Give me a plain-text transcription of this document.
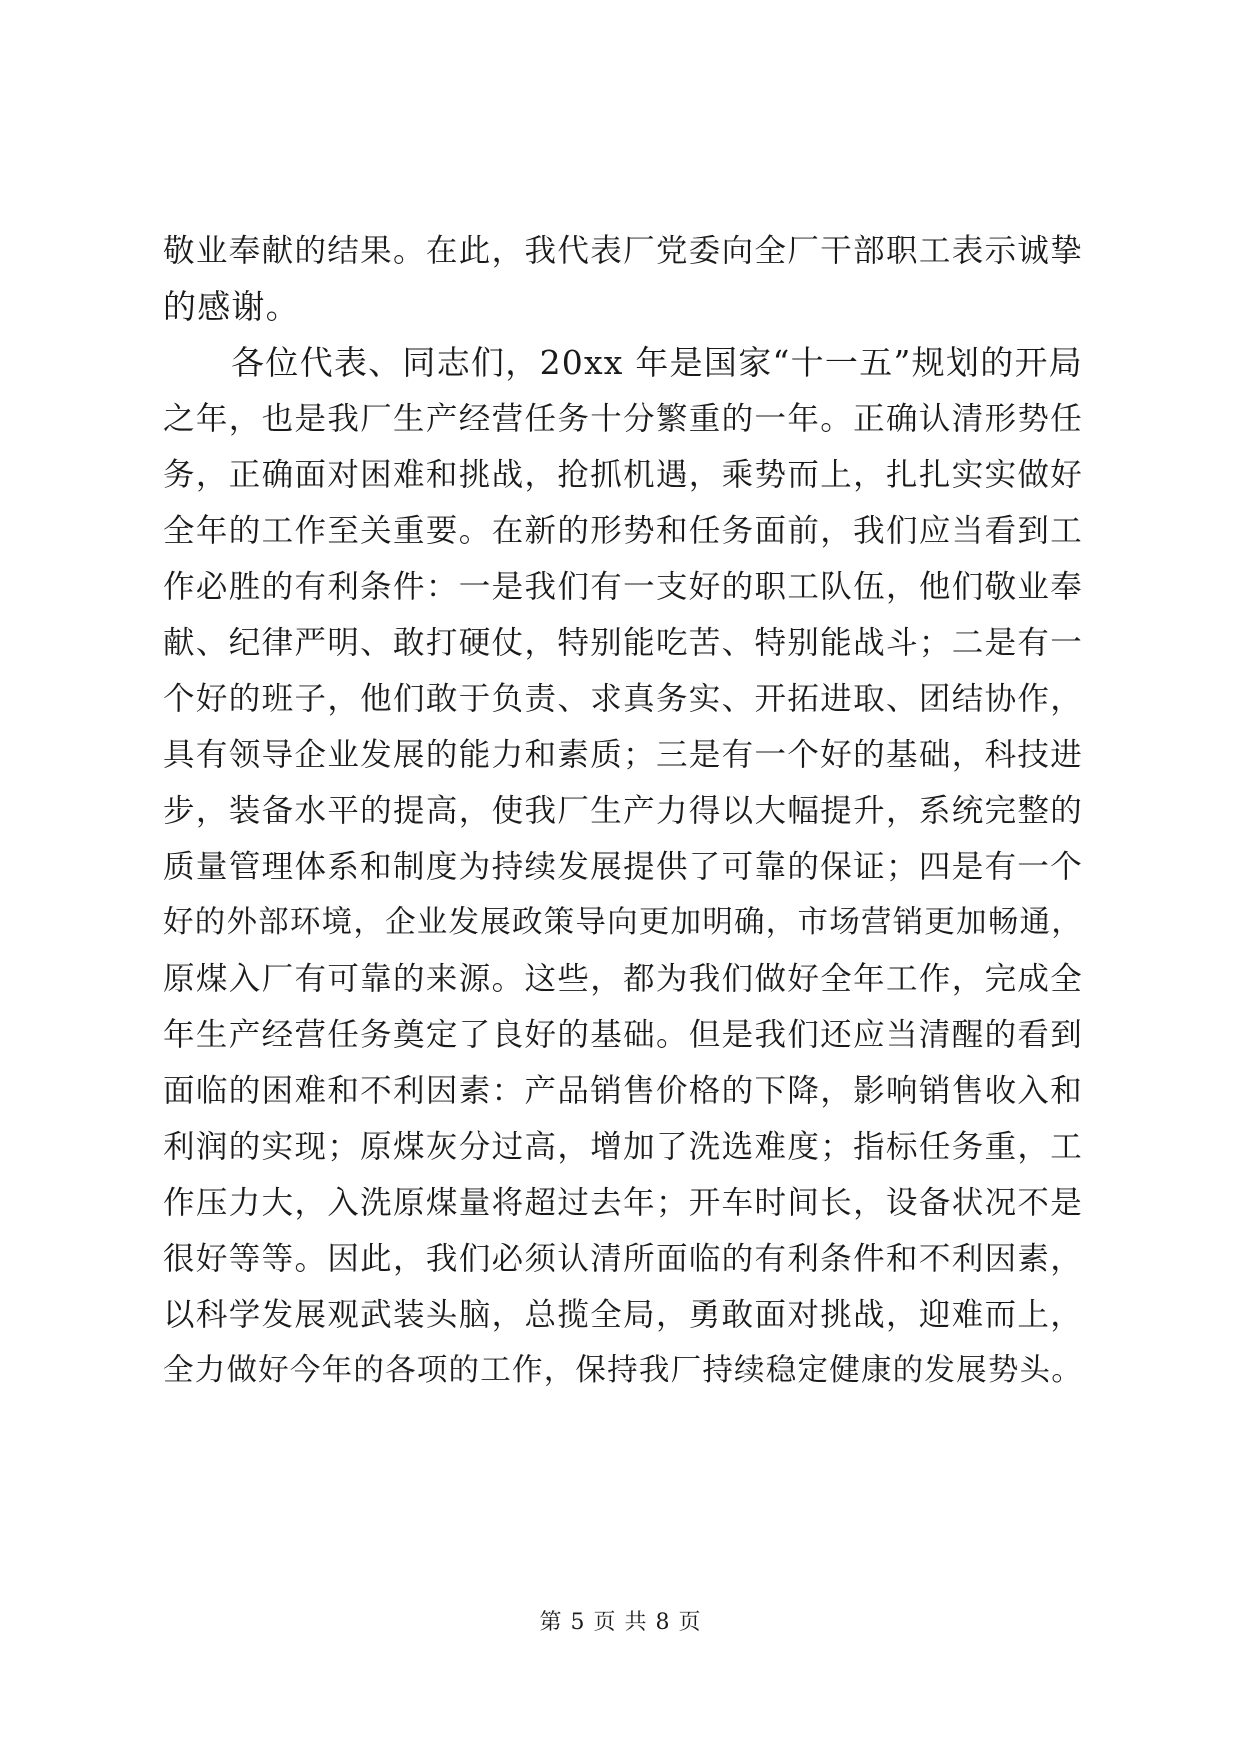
敬业奉献的结果。在此，我代表厂党委向全厂干部职工表示诚挚
的感谢。
各位代表、同志们，20xx 年是国家“十一五”规划的开局
之年，也是我厂生产经营任务十分繁重的一年。正确认清形势任
务，正确面对困难和挑战，抢抓机遇，乘势而上，扎扎实实做好
全年的工作至关重要。在新的形势和任务面前，我们应当看到工
作必胜的有利条件：一是我们有一支好的职工队伍，他们敬业奉
献、纪律严明、敢打硬仗，特别能吃苦、特别能战斗；二是有一
个好的班子，他们敢于负责、求真务实、开拓进取、团结协作，
具有领导企业发展的能力和素质；三是有一个好的基础，科技进
步，装备水平的提高，使我厂生产力得以大幅提升，系统完整的
质量管理体系和制度为持续发展提供了可靠的保证；四是有一个
好的外部环境，企业发展政策导向更加明确，市场营销更加畅通，
原煤入厂有可靠的来源。这些，都为我们做好全年工作，完成全
年生产经营任务奠定了良好的基础。但是我们还应当清醒的看到
面临的困难和不利因素：产品销售价格的下降，影响销售收入和
利润的实现；原煤灰分过高，增加了洗选难度；指标任务重，工
作压力大，入洗原煤量将超过去年；开车时间长，设备状况不是
很好等等。因此，我们必须认清所面临的有利条件和不利因素，
以科学发展观武装头脑，总揽全局，勇敢面对挑战，迎难而上，
全力做好今年的各项的工作，保持我厂持续稳定健康的发展势头。
第 5 页 共 8 页
